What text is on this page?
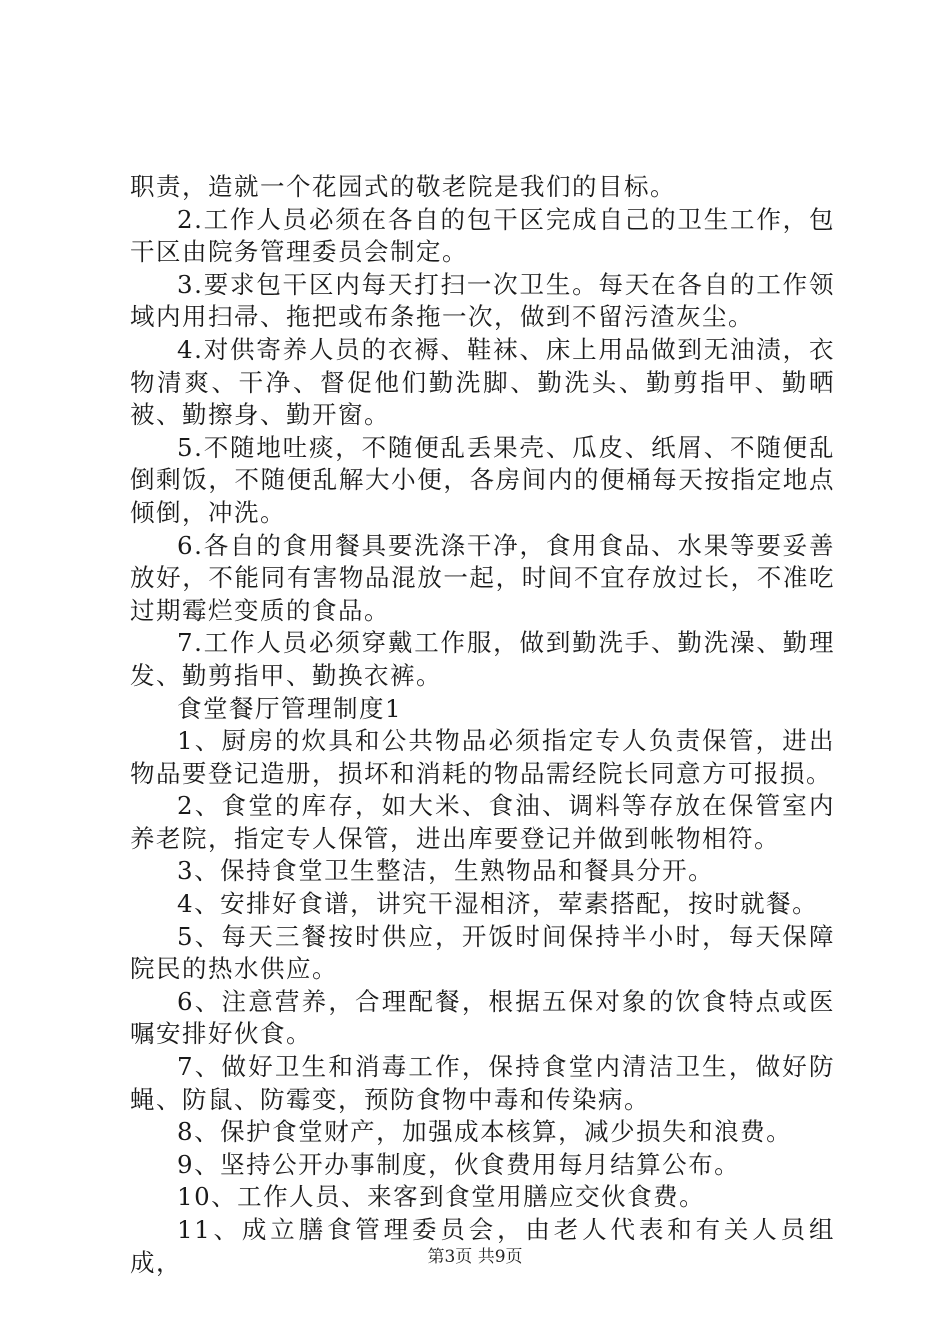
职责，造就一个花园式的敬老院是我们的目标。

2.工作人员必须在各自的包干区完成自己的卫生工作，包干区由院务管理委员会制定。

3.要求包干区内每天打扫一次卫生。每天在各自的工作领域内用扫帚、拖把或布条拖一次，做到不留污渣灰尘。

4.对供寄养人员的衣褥、鞋袜、床上用品做到无油渍，衣物清爽、干净、督促他们勤洗脚、勤洗头、勤剪指甲、勤晒被、勤擦身、勤开窗。

5.不随地吐痰，不随便乱丢果壳、瓜皮、纸屑、不随便乱倒剩饭，不随便乱解大小便，各房间内的便桶每天按指定地点倾倒，冲洗。

6.各自的食用餐具要洗涤干净，食用食品、水果等要妥善放好，不能同有害物品混放一起，时间不宜存放过长，不准吃过期霉烂变质的食品。

7.工作人员必须穿戴工作服，做到勤洗手、勤洗澡、勤理发、勤剪指甲、勤换衣裤。

食堂餐厅管理制度1

1、厨房的炊具和公共物品必须指定专人负责保管，进出物品要登记造册，损坏和消耗的物品需经院长同意方可报损。

2、食堂的库存，如大米、食油、调料等存放在保管室内养老院，指定专人保管，进出库要登记并做到帐物相符。

3、保持食堂卫生整洁，生熟物品和餐具分开。

4、安排好食谱，讲究干湿相济，荤素搭配，按时就餐。

5、每天三餐按时供应，开饭时间保持半小时，每天保障院民的热水供应。

6、注意营养，合理配餐，根据五保对象的饮食特点或医嘱安排好伙食。

7、做好卫生和消毒工作，保持食堂内清洁卫生，做好防蝇、防鼠、防霉变，预防食物中毒和传染病。

8、保护食堂财产，加强成本核算，减少损失和浪费。

9、坚持公开办事制度，伙食费用每月结算公布。

10、工作人员、来客到食堂用膳应交伙食费。

11、成立膳食管理委员会，由老人代表和有关人员组成，	第3页 共9页
